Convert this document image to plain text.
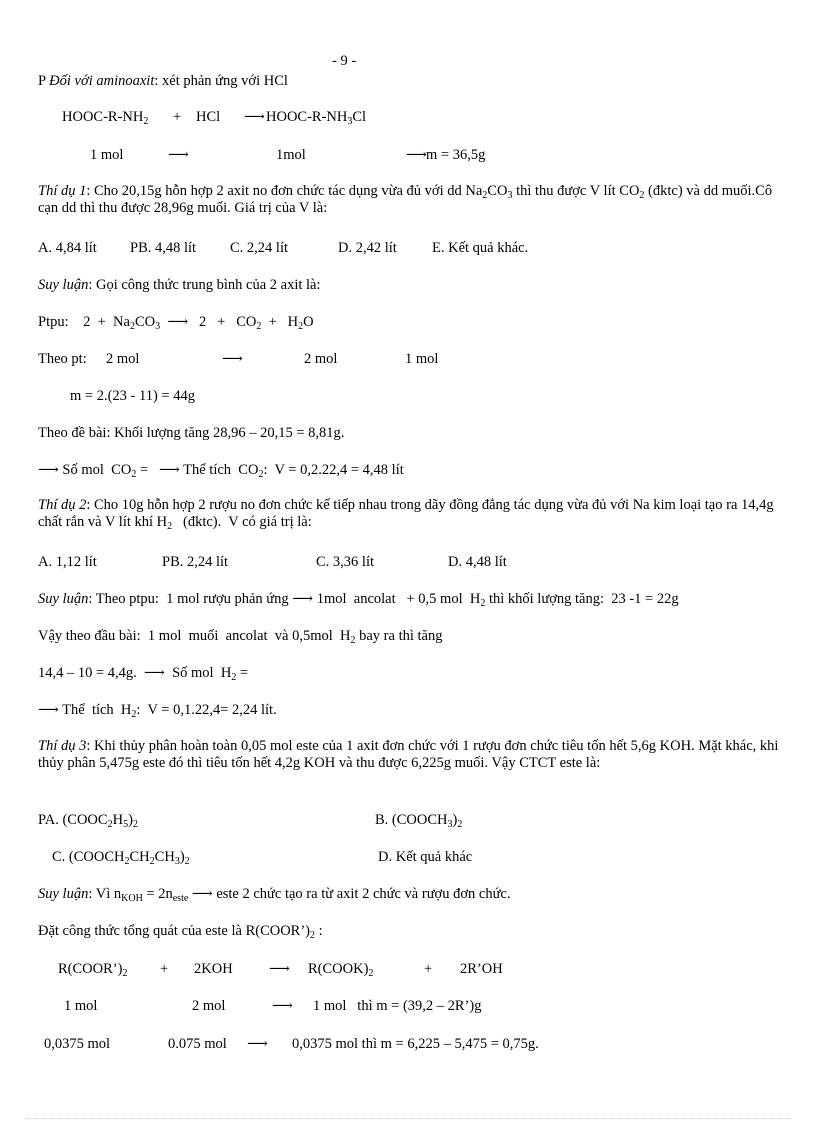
- 9 -
P Đối với aminoaxit: xét phản ứng với HCl
HOOC-$R-NH_2$ + HCl ⟶ HOOC-$R-NH_3Cl$
1 mol	⟶	1mol	⟶ m = 36,5g
Thí dụ 1: Cho 20,15g hỗn hợp 2 axit no đơn chức tác dụng vừa đủ với dd $Na_2CO_3$ thì thu được V lít $CO_2$ (đktc) và dd muối.Cô cạn dd thì thu được 28,96g muối. Giá trị của V là:
A. 4,84 lít PB. 4,48 lít C. 2,24 lít	D. 2,42 lít E. Kết quả khác.
Suy luận: Gọi công thức trung bình của 2 axit là:
Ptpu:    $2 + Na_2CO_3$  ⟶   $2 + CO_2 + H_2O$
Theo pt: 2 mol	⟶	2 mol	1 mol
m = 2.(23 - 11) = 44g
Theo đề bài: Khối lượng tăng 28,96 – 20,15 = 8,81g.
⟶ Số mol  $CO_2$ =   ⟶ Thể tích  $CO_2$:  V = 0,2.22,4 = 4,48 lít
Thí dụ 2: Cho 10g hỗn hợp 2 rượu no đơn chức kế tiếp nhau trong dãy đồng đẳng tác dụng vừa đủ với Na kim loại tạo ra 14,4g chất rắn và V lít khí $H_2$   (đktc).  V có giá trị là:
A. 1,12 lít	PB. 2,24 lít	C. 3,36 lít	D. 4,48 lít
Suy luận: Theo ptpu:  1 mol rượu phản ứng ⟶ 1mol  ancolat   + 0,5 mol  $H_2$ thì khối lượng tăng:  23 -1 = 22g
Vậy theo đầu bài:  1 mol  muối  ancolat  và 0,5mol  $H_2$ bay ra thì tăng
14,4 – 10 = 4,4g.  ⟶  Số mol  $H_2$ =
⟶ Thể  tích  $H_2$:  V = 0,1.22,4= 2,24 lít.
Thí dụ 3: Khi thủy phân hoàn toàn 0,05 mol este của 1 axit đơn chức với 1 rượu đơn chức tiêu tốn hết 5,6g KOH. Mặt khác, khi thủy phân 5,475g este đó thì tiêu tốn hết 4,2g KOH và thu được 6,225g muối. Vậy CTCT este là:
PA. $(COOC_2H_5)_2$	B. $(COOCH_3)_2$
C. $(COOCH_2CH_2CH_3)_2$	D. Kết quả khác
Suy luận: Vì $n_{KOH} = 2n_{este}$ ⟶ este 2 chức tạo ra từ axit 2 chức và rượu đơn chức.
Đặt công thức tổng quát của este là $R(COOR’)_2$ :
$R(COOR’)_2 + 2KOH$	⟶ $R(COOK)_2$	+ 2R’OH
1 mol	2 mol	⟶ 1 mol   thì m = (39,2 – 2R’)g
0,0375 mol	0.075 mol ⟶ 0,0375 mol thì m = 6,225 – 5,475 = 0,75g.
